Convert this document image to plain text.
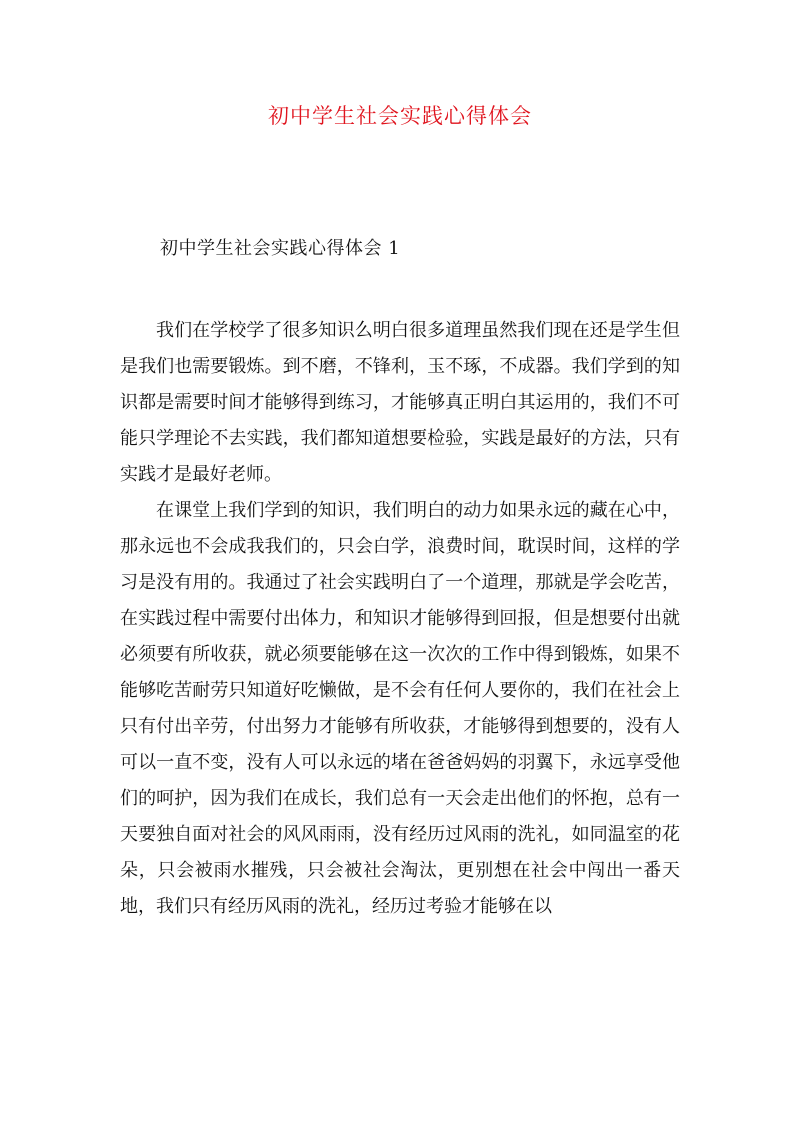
初中学生社会实践心得体会
初中学生社会实践心得体会 1

我们在学校学了很多知识么明白很多道理虽然我们现在还是学生但是我们也需要锻炼。到不磨，不锋利，玉不琢，不成器。我们学到的知识都是需要时间才能够得到练习，才能够真正明白其运用的，我们不可能只学理论不去实践，我们都知道想要检验，实践是最好的方法，只有实践才是最好老师。

在课堂上我们学到的知识，我们明白的动力如果永远的藏在心中，那永远也不会成我我们的，只会白学，浪费时间，耽误时间，这样的学习是没有用的。我通过了社会实践明白了一个道理，那就是学会吃苦，在实践过程中需要付出体力，和知识才能够得到回报，但是想要付出就必须要有所收获，就必须要能够在这一次次的工作中得到锻炼，如果不能够吃苦耐劳只知道好吃懒做，是不会有任何人要你的，我们在社会上只有付出辛劳，付出努力才能够有所收获，才能够得到想要的，没有人可以一直不变，没有人可以永远的堵在爸爸妈妈的羽翼下，永远享受他们的呵护，因为我们在成长，我们总有一天会走出他们的怀抱，总有一天要独自面对社会的风风雨雨，没有经历过风雨的洗礼，如同温室的花朵，只会被雨水摧残，只会被社会淘汰，更别想在社会中闯出一番天地，我们只有经历风雨的洗礼，经历过考验才能够在以
